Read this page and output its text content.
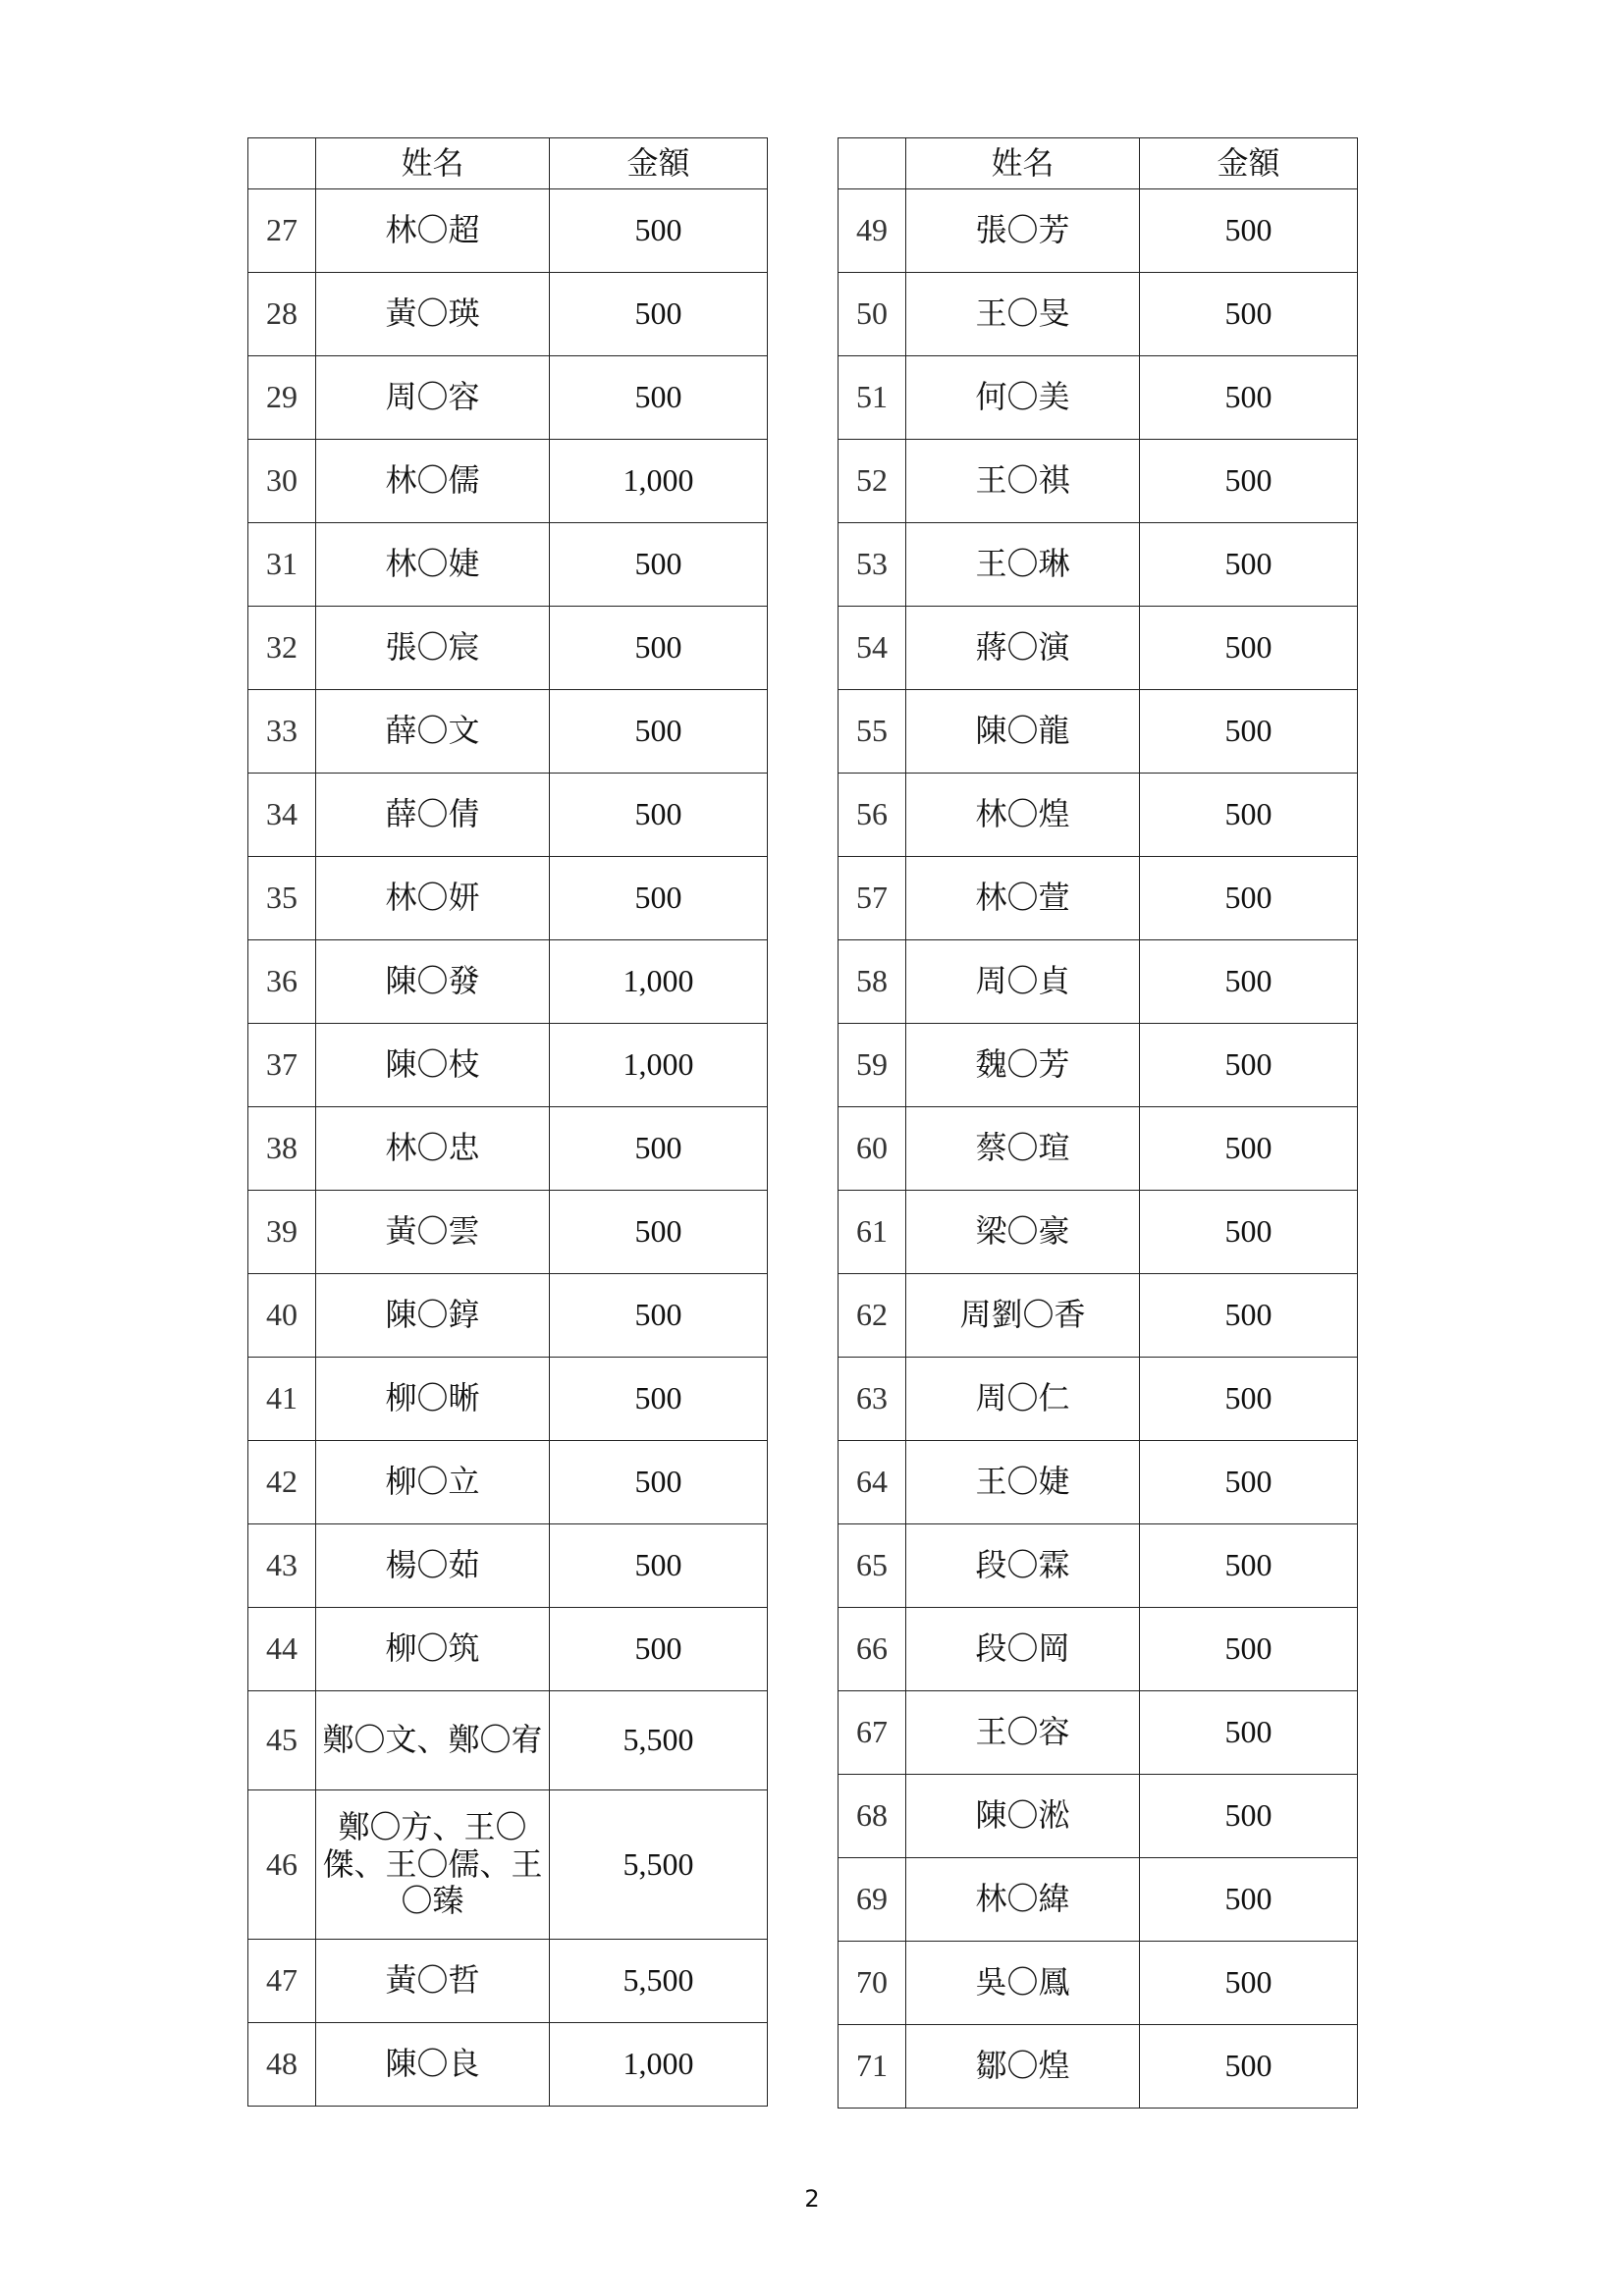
	姓名	金額
27	林〇超	500
28	黃〇瑛	500
29	周〇容	500
30	林〇儒	1,000
31	林〇婕	500
32	張〇宸	500
33	薛〇文	500
34	薛〇倩	500
35	林〇妍	500
36	陳〇發	1,000
37	陳〇枝	1,000
38	林〇忠	500
39	黃〇雲	500
40	陳〇錞	500
41	柳〇晰	500
42	柳〇立	500
43	楊〇茹	500
44	柳〇筑	500
45	鄭〇文、鄭〇宥	5,500
46	鄭〇方、王〇傑、王〇儒、王〇臻	5,500
47	黃〇哲	5,500
48	陳〇良	1,000
	姓名	金額
49	張〇芳	500
50	王〇旻	500
51	何〇美	500
52	王〇祺	500
53	王〇琳	500
54	蔣〇演	500
55	陳〇龍	500
56	林〇煌	500
57	林〇萱	500
58	周〇貞	500
59	魏〇芳	500
60	蔡〇瑄	500
61	梁〇豪	500
62	周劉〇香	500
63	周〇仁	500
64	王〇婕	500
65	段〇霖	500
66	段〇岡	500
67	王〇容	500
68	陳〇淞	500
69	林〇緯	500
70	吳〇鳳	500
71	鄒〇煌	500
2
